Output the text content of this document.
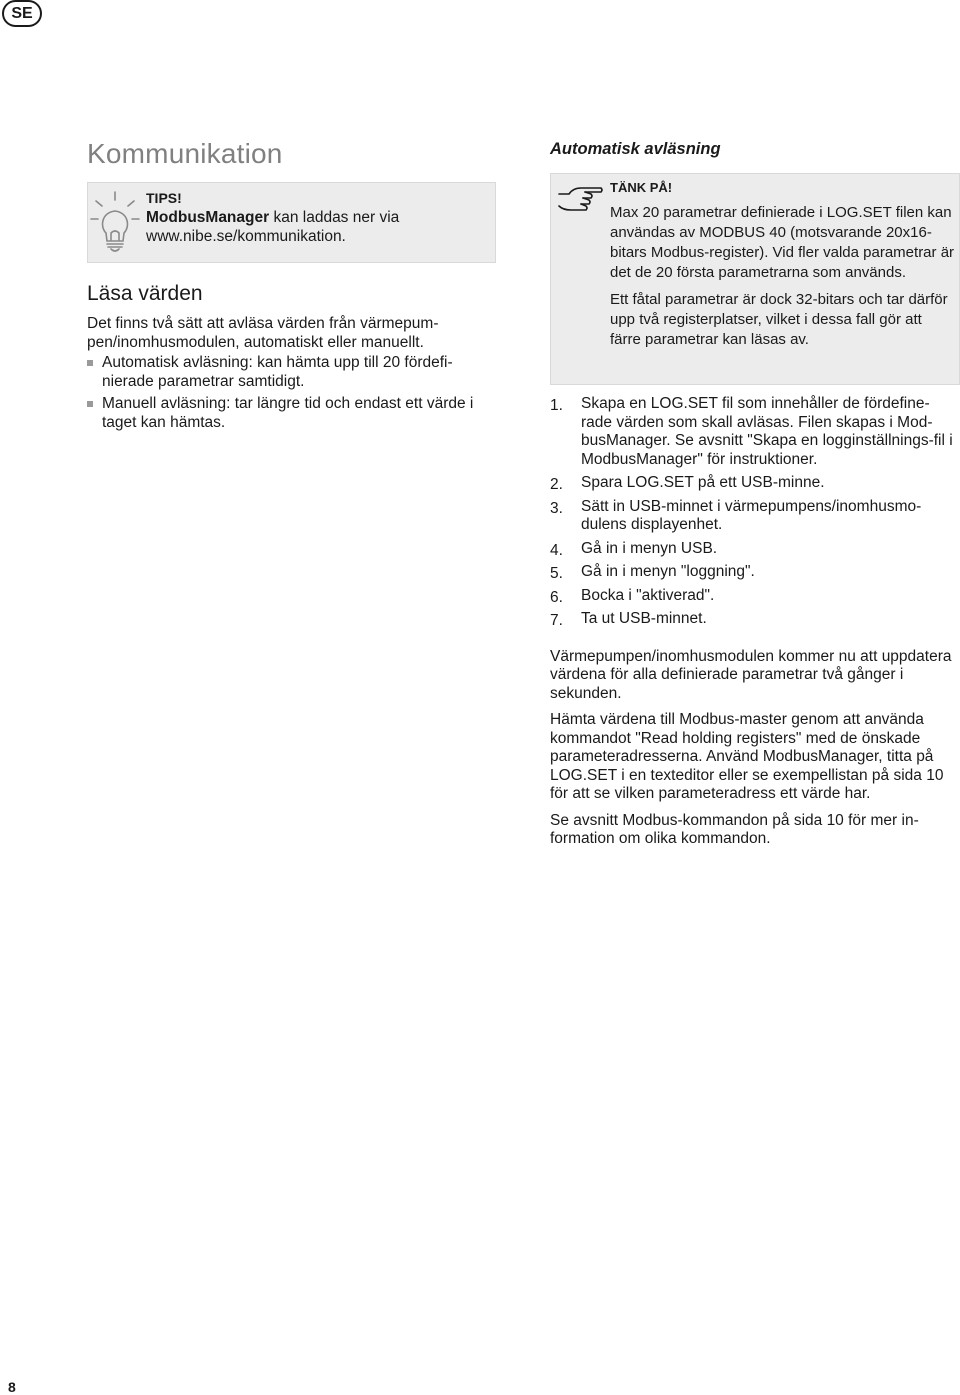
SE
Kommunikation
TIPS!
ModbusManager kan laddas ner via
www.nibe.se/kommunikation.
Läsa värden

Det finns två sätt att avläsa värden från värmepum-pen/inomhusmodulen, automatiskt eller manuellt.

Automatisk avläsning: kan hämta upp till 20 fördefi-nierade parametrar samtidigt.
Manuell avläsning: tar längre tid och endast ett värde i taget kan hämtas.
Automatisk avläsning
TÄNK PÅ!

Max 20 parametrar definierade i LOG.SET filen kan användas av MODBUS 40 (motsvarande 20x16-bitars Modbus-register). Vid fler valda parametrar är det de 20 första parametrarna som används.

Ett fåtal parametrar är dock 32-bitars och tar därför upp två registerplatser, vilket i dessa fall gör att färre parametrar kan läsas av.

1. Skapa en LOG.SET fil som innehåller de fördefine-rade värden som skall avläsas. Filen skapas i Mod-busManager. Se avsnitt "Skapa en logginställnings-fil i ModbusManager" för instruktioner.
2. Spara LOG.SET på ett USB-minne.
3. Sätt in USB-minnet i värmepumpens/inomhusmo-dulens displayenhet.
4. Gå in i menyn USB.
5. Gå in i menyn "loggning".
6. Bocka i "aktiverad".
7. Ta ut USB-minnet.

Värmepumpen/inomhusmodulen kommer nu att uppdatera värdena för alla definierade parametrar två gånger i sekunden.

Hämta värdena till Modbus-master genom att använda kommandot "Read holding registers" med de önskade parameteradresserna. Använd ModbusManager, titta på LOG.SET i en texteditor eller se exempellistan på sida 10 för att se vilken parameteradress ett värde har.

Se avsnitt Modbus-kommandon på sida 10 för mer in-formation om olika kommandon.

8
